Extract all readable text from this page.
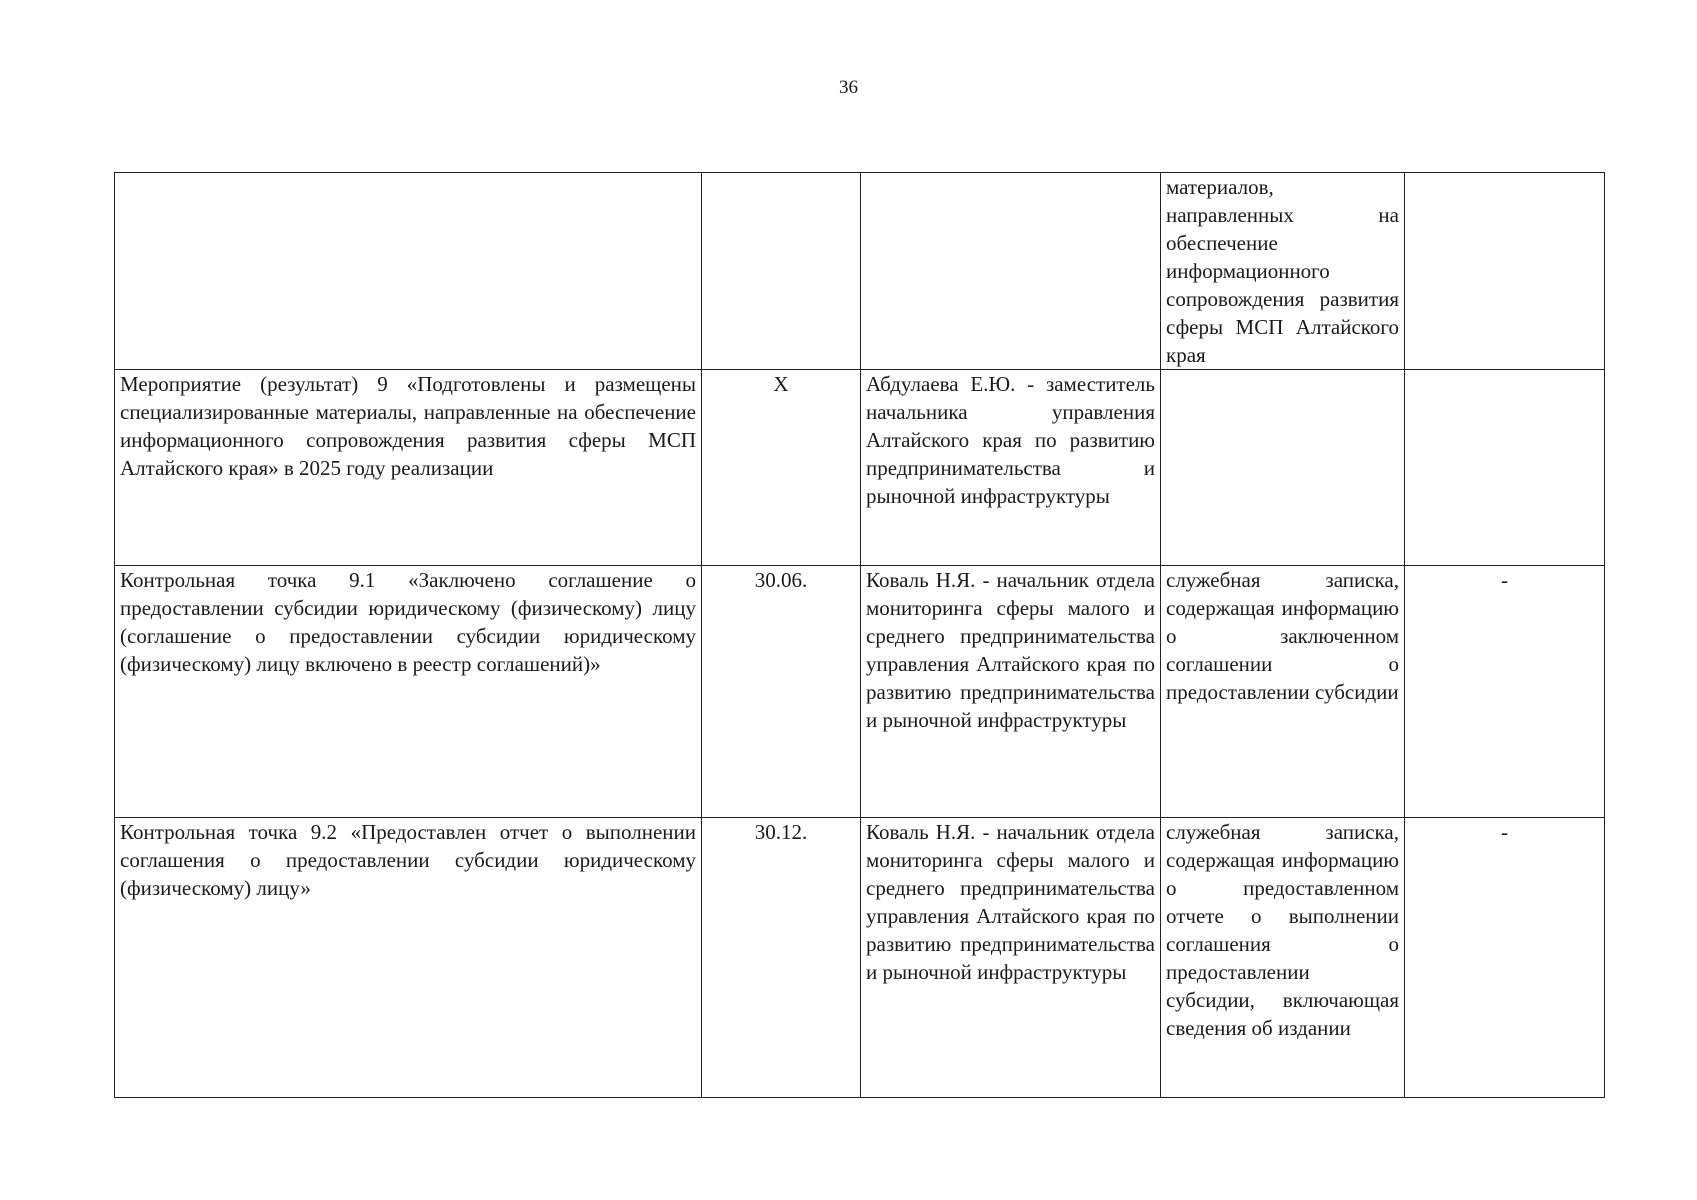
36
			материалов, направленных на обеспечение информационного сопровождения развития сферы МСП Алтайского края	
Мероприятие (результат) 9 «Подготовлены и размещены специализированные материалы, направленные на обеспечение информационного сопровождения развития сферы МСП Алтайского края» в 2025 году реализации	Х	Абдулаева Е.Ю. - заместитель начальника управления Алтайского края по развитию предпринимательства и рыночной инфраструктуры		
Контрольная точка 9.1 «Заключено соглашение о предоставлении субсидии юридическому (физическому) лицу (соглашение о предоставлении субсидии юридическому (физическому) лицу включено в реестр соглашений)»	30.06.	Коваль Н.Я. - начальник отдела мониторинга сферы малого и среднего предпринимательства управления Алтайского края по развитию предпринимательства и рыночной инфраструктуры	служебная записка, содержащая информацию о заключенном соглашении о предоставлении субсидии	-
Контрольная точка 9.2 «Предоставлен отчет о выполнении соглашения о предоставлении субсидии юридическому (физическому) лицу»	30.12.	Коваль Н.Я. - начальник отдела мониторинга сферы малого и среднего предпринимательства управления Алтайского края по развитию предпринимательства и рыночной инфраструктуры	служебная записка, содержащая информацию о предоставленном отчете о выполнении соглашения о предоставлении субсидии, включающая сведения об издании	-
